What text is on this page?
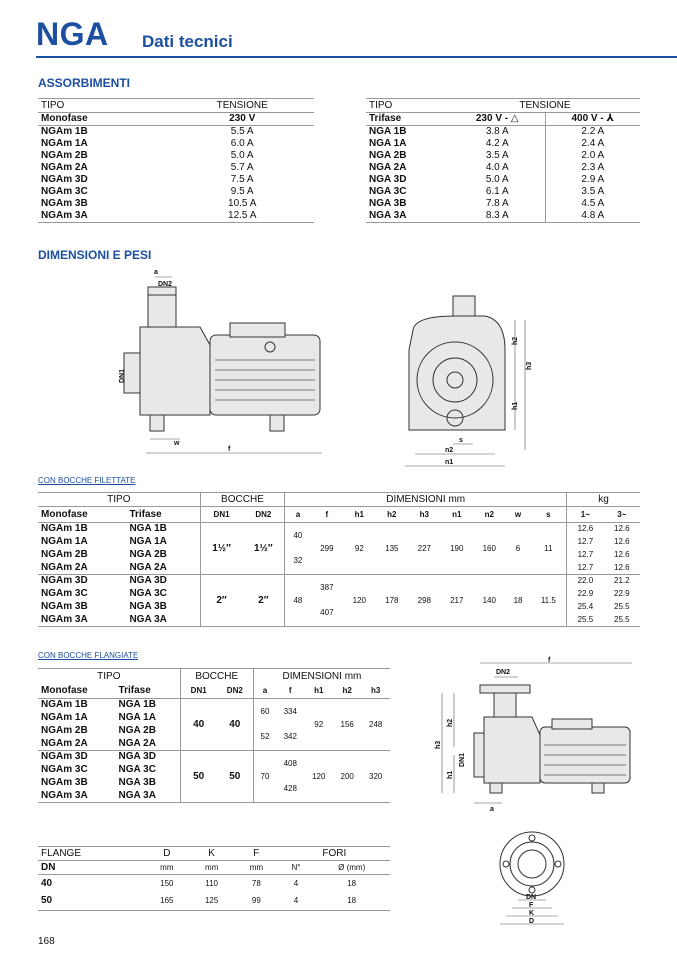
NGA Dati tecnici
ASSORBIMENTI
TIPO	TENSIONE
Monofase	230 V
NGAm 1B	5.5 A
NGAm 1A	6.0 A
NGAm 2B	5.0 A
NGAm 2A	5.7 A
NGAm 3D	7.5 A
NGAm 3C	9.5 A
NGAm 3B	10.5 A
NGAm 3A	12.5 A
TIPO	TENSIONE	
Trifase	230 V - △	400 V - ⅄
NGA 1B	3.8 A	2.2 A
NGA 1A	4.2 A	2.4 A
NGA 2B	3.5 A	2.0 A
NGA 2A	4.0 A	2.3 A
NGA 3D	5.0 A	2.9 A
NGA 3C	6.1 A	3.5 A
NGA 3B	7.8 A	4.5 A
NGA 3A	8.3 A	4.8 A
DIMENSIONI E PESI
a
DN2
DN1
w
f
h2
h3
h1
s
n2
n1
CON BOCCHE FILETTATE
TIPO		BOCCHE		DIMENSIONI mm									kg	
Monofase	Trifase	DN1	DN2	a	f	h1	h2	h3	n1	n2	w	s	1~	3~
NGAm 1B	NGA 1B	1½″	1½″	40	299	92	135	227	190	160	6	11	12.6	12.6
NGAm 1A	NGA 1A												12.7	12.6
NGAm 2B	NGA 2B			32									12.7	12.6
NGAm 2A	NGA 2A												12.7	12.6
NGAm 3D	NGA 3D	2″	2″	48	387	120	178	298	217	140	18	11.5	22.0	21.2
NGAm 3C	NGA 3C												22.9	22.9
NGAm 3B	NGA 3B				407								25.4	25.5
NGAm 3A	NGA 3A												25.5	25.5
CON BOCCHE FLANGIATE
TIPO		BOCCHE		DIMENSIONI mm				
Monofase	Trifase	DN1	DN2	a	f	h1	h2	h3
NGAm 1B	NGA 1B	40	40	60	334	92	156	248
NGAm 1A	NGA 1A							
NGAm 2B	NGA 2B			52	342			
NGAm 2A	NGA 2A							
NGAm 3D	NGA 3D	50	50	70	408	120	200	320
NGAm 3C	NGA 3C							
NGAm 3B	NGA 3B				428			
NGAm 3A	NGA 3A							
DN2
f
h2
h3
DN1
h1
a
FLANGE	D	K	F	FORI	
DN	mm	mm	mm	N°	Ø (mm)
40	150	110	78	4	18
50	165	125	99	4	18	DN
F
K
D
168
